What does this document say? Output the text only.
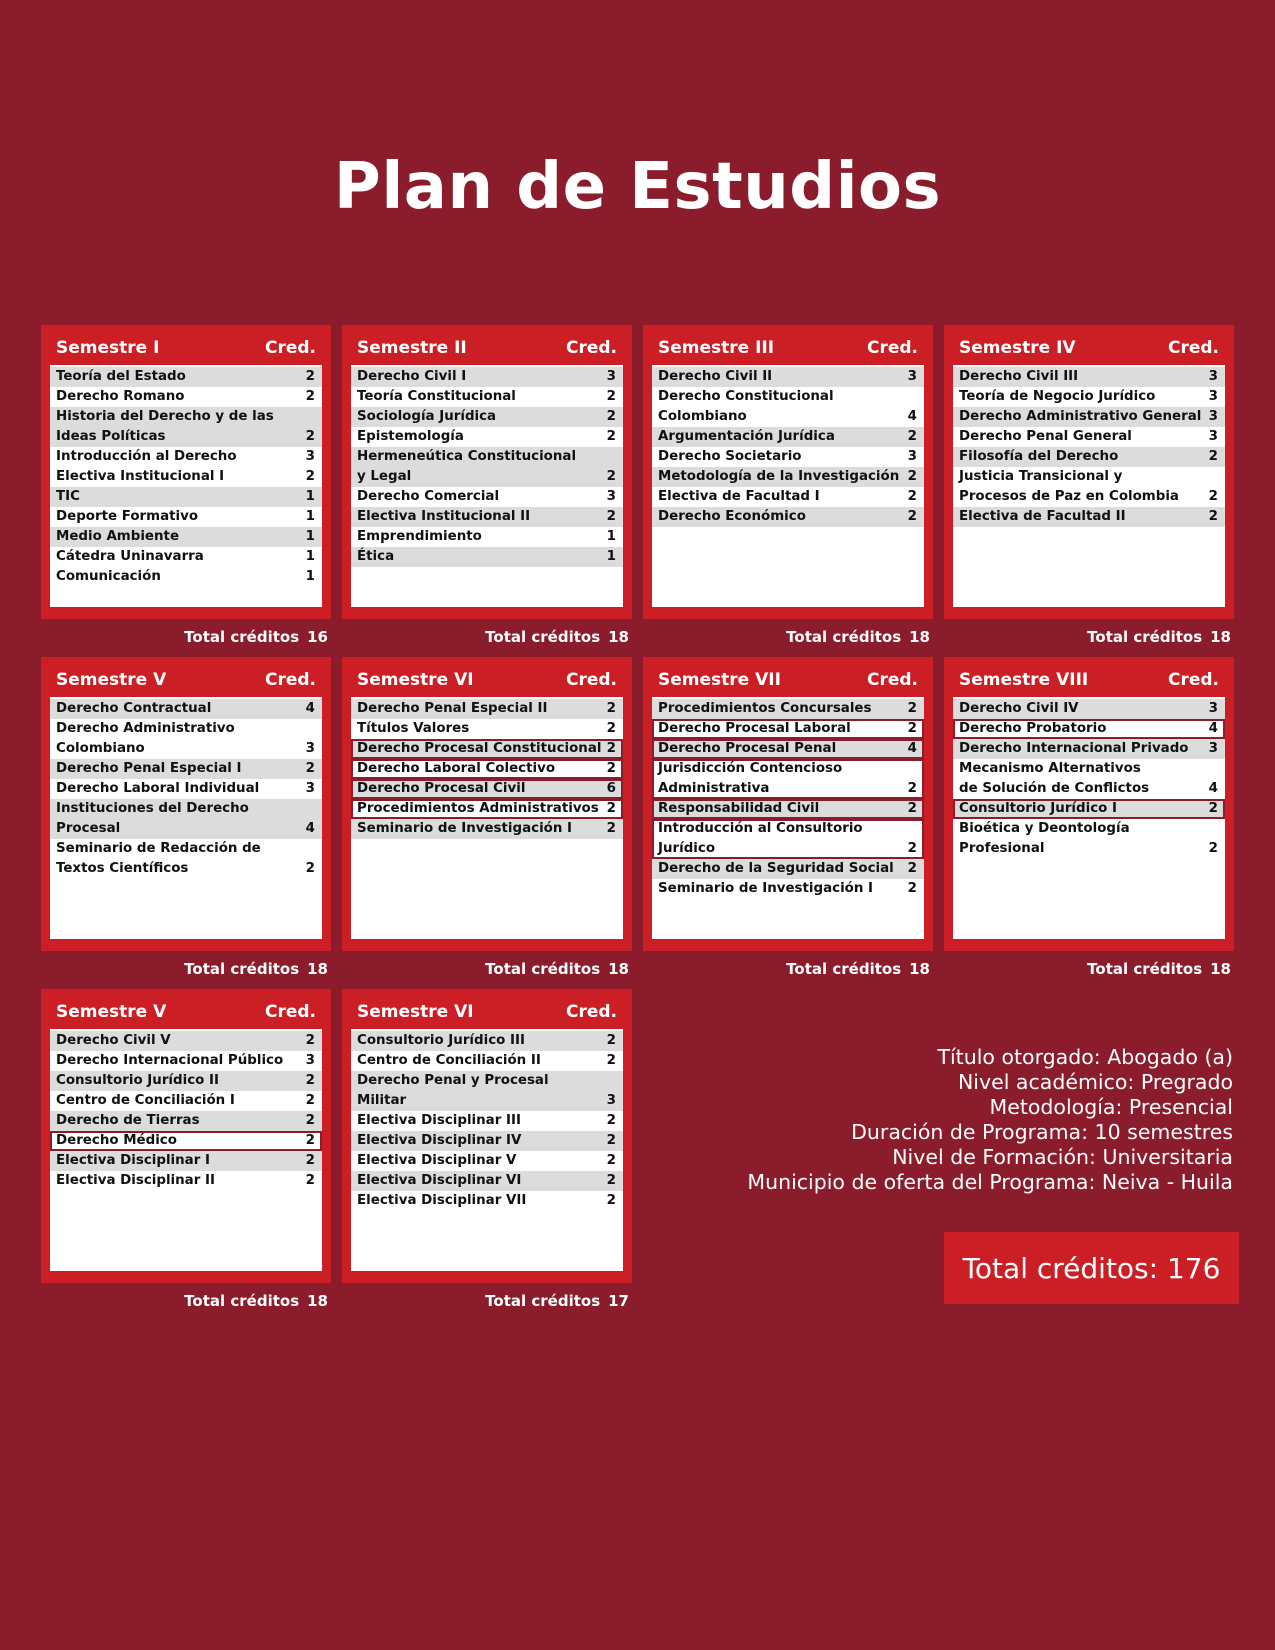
Plan de Estudios
Semestre I	Cred.
Teoría del Estado	2
Derecho Romano	2
Historia del Derecho y de las
Ideas Políticas	2
Introducción al Derecho	3
Electiva Institucional I	2
TIC	1
Deporte Formativo	1
Medio Ambiente	1
Cátedra Uninavarra	1
Comunicación	1
Total créditos 16
Semestre II	Cred.
Derecho Civil I	3
Teoría Constitucional	2
Sociología Jurídica	2
Epistemología	2
Hermeneútica Constitucional
y Legal	2
Derecho Comercial	3
Electiva Institucional II	2
Emprendimiento	1
Ética	1
Total créditos 18
Semestre III	Cred.
Derecho Civil II	3
Derecho Constitucional
Colombiano	4
Argumentación Jurídica	2
Derecho Societario	3
Metodología de la Investigación 2
Electiva de Facultad I	2
Derecho Económico	2
Total créditos 18
Semestre IV	Cred.
Derecho Civil III	3
Teoría de Negocio Jurídico	3
Derecho Administrativo General 3
Derecho Penal General	3
Filosofía del Derecho	2
Justicia Transicional y
Procesos de Paz en Colombia	2
Electiva de Facultad II	2
Total créditos 18
Semestre V	Cred.
Derecho Contractual	4
Derecho Administrativo
Colombiano	3
Derecho Penal Especial I	2
Derecho Laboral Individual	3
Instituciones del Derecho
Procesal	4
Seminario de Redacción de
Textos Científicos	2
Total créditos 18
Semestre VI	Cred.
Derecho Penal Especial II	2
Títulos Valores	2
Derecho Procesal Constitucional 2
Derecho Laboral Colectivo	2
Derecho Procesal Civil	6
Procedimientos Administrativos 2
Seminario de Investigación I	2
Total créditos 18
Semestre VII	Cred.
Procedimientos Concursales	2
Derecho Procesal Laboral	2
Derecho Procesal Penal	4
Jurisdicción Contencioso
Administrativa	2
Responsabilidad Civil	2
Introducción al Consultorio
Jurídico	2
Derecho de la Seguridad Social	2
Seminario de Investigación I	2
Total créditos 18
Semestre VIII	Cred.
Derecho Civil IV	3
Derecho Probatorio	4
Derecho Internacional Privado	3
Mecanismo Alternativos
de Solución de Conflictos	4
Consultorio Jurídico I	2
Bioética y Deontología
Profesional	2
Total créditos 18
Semestre V	Cred.
Derecho Civil V	2
Derecho Internacional Público	3
Consultorio Jurídico II	2
Centro de Conciliación I	2
Derecho de Tierras	2
Derecho Médico	2
Electiva Disciplinar I	2
Electiva Disciplinar II	2
Total créditos 18
Semestre VI	Cred.
Consultorio Jurídico III	2
Centro de Conciliación II	2
Derecho Penal y Procesal Militar	3
Electiva Disciplinar III	2
Electiva Disciplinar IV	2
Electiva Disciplinar V	2
Electiva Disciplinar VI	2
Electiva Disciplinar VII	2
Total créditos 17
Título otorgado: Abogado (a)
Nivel académico: Pregrado
Metodología: Presencial
Duración de Programa: 10 semestres
Nivel de Formación: Universitaria
Municipio de oferta del Programa: Neiva - Huila
Total créditos: 176
